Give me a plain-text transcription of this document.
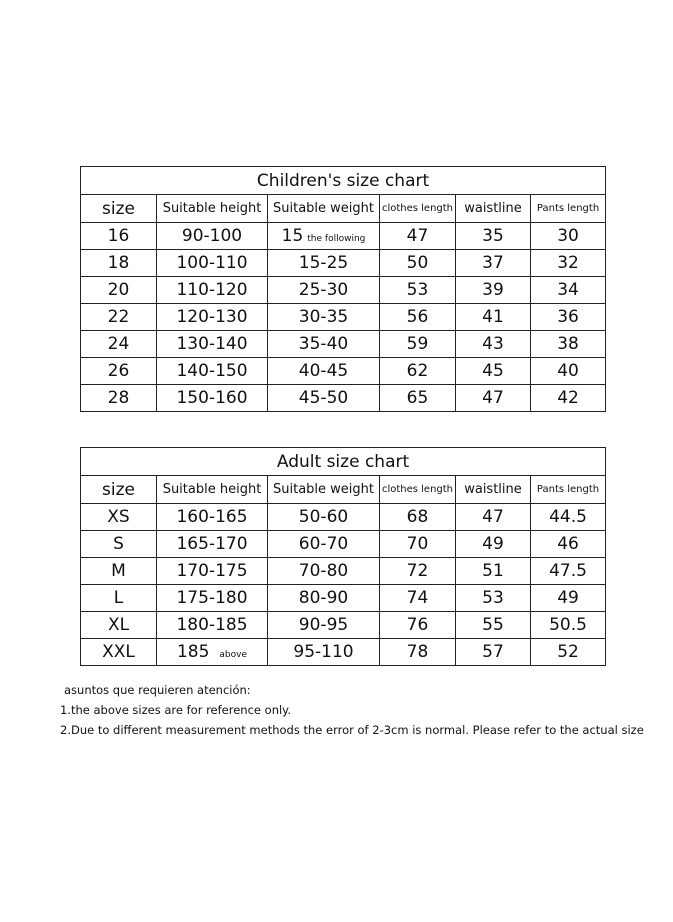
Children's size chart					
size	Suitable height	Suitable weight	clothes length	waistline	Pants length
16	90-100	15 the following	47	35	30
18	100-110	15-25	50	37	32
20	110-120	25-30	53	39	34
22	120-130	30-35	56	41	36
24	130-140	35-40	59	43	38
26	140-150	40-45	62	45	40
28	150-160	45-50	65	47	42
Adult size chart					
size	Suitable height	Suitable weight	clothes length	waistline	Pants length
XS	160-165	50-60	68	47	44.5
S	165-170	60-70	70	49	46
M	170-175	70-80	72	51	47.5
L	175-180	80-90	74	53	49
XL	180-185	90-95	76	55	50.5
XXL	185 above	95-110	78	57	52
asuntos que requieren atención:
1.the above sizes are for reference only.
2.Due to different measurement methods the error of 2-3cm is normal. Please refer to the actual size
